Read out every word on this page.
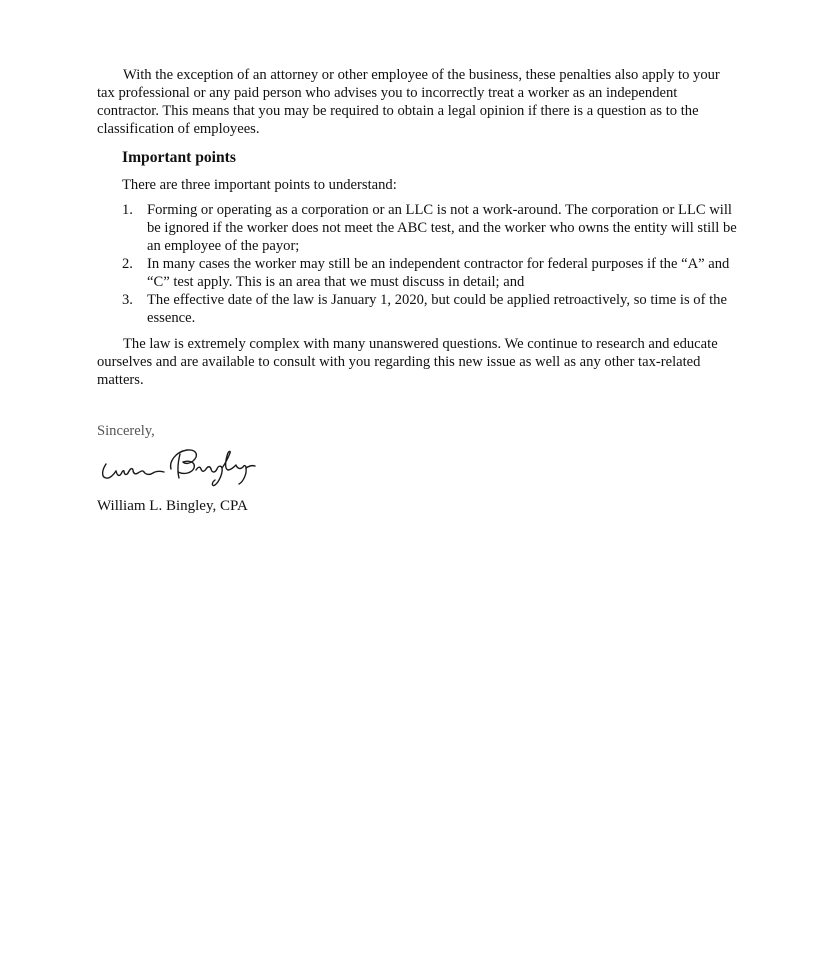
With the exception of an attorney or other employee of the business, these penalties also apply to your tax professional or any paid person who advises you to incorrectly treat a worker as an independent contractor. This means that you may be required to obtain a legal opinion if there is a question as to the classification of employees.

Important points

There are three important points to understand:

1. Forming or operating as a corporation or an LLC is not a work-around. The corporation or LLC will be ignored if the worker does not meet the ABC test, and the worker who owns the entity will still be an employee of the payor;
2. In many cases the worker may still be an independent contractor for federal purposes if the “A” and “C” test apply. This is an area that we must discuss in detail; and
3. The effective date of the law is January 1, 2020, but could be applied retroactively, so time is of the essence.

The law is extremely complex with many unanswered questions. We continue to research and educate ourselves and are available to consult with you regarding this new issue as well as any other tax-related matters.

Sincerely,
William L. Bingley, CPA
